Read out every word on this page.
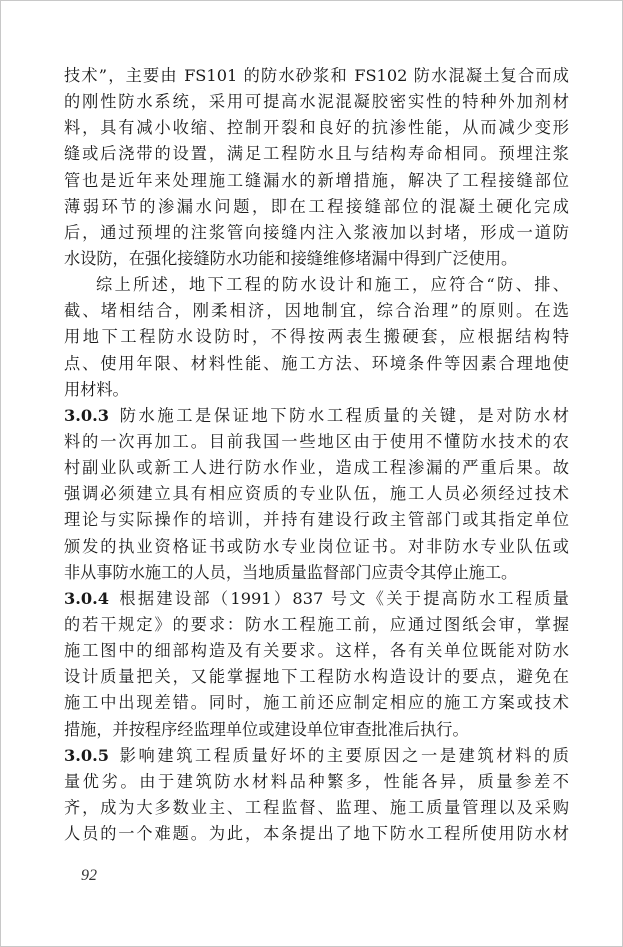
技术”，主要由 FS101 的防水砂浆和 FS102 防水混凝土复合而成
的刚性防水系统，采用可提高水泥混凝胶密实性的特种外加剂材
料，具有减小收缩、控制开裂和良好的抗渗性能，从而减少变形
缝或后浇带的设置，满足工程防水且与结构寿命相同。预埋注浆
管也是近年来处理施工缝漏水的新增措施，解决了工程接缝部位
薄弱环节的渗漏水问题，即在工程接缝部位的混凝土硬化完成
后，通过预埋的注浆管向接缝内注入浆液加以封堵，形成一道防
水设防，在强化接缝防水功能和接缝维修堵漏中得到广泛使用。
综上所述，地下工程的防水设计和施工，应符合“防、排、
截、堵相结合，刚柔相济，因地制宜，综合治理”的原则。在选
用地下工程防水设防时，不得按两表生搬硬套，应根据结构特
点、使用年限、材料性能、施工方法、环境条件等因素合理地使
用材料。
3.0.3 防水施工是保证地下防水工程质量的关键，是对防水材
料的一次再加工。目前我国一些地区由于使用不懂防水技术的农
村副业队或新工人进行防水作业，造成工程渗漏的严重后果。故
强调必须建立具有相应资质的专业队伍，施工人员必须经过技术
理论与实际操作的培训，并持有建设行政主管部门或其指定单位
颁发的执业资格证书或防水专业岗位证书。对非防水专业队伍或
非从事防水施工的人员，当地质量监督部门应责令其停止施工。
3.0.4 根据建设部（1991）837 号文《关于提高防水工程质量
的若干规定》的要求：防水工程施工前，应通过图纸会审，掌握
施工图中的细部构造及有关要求。这样，各有关单位既能对防水
设计质量把关，又能掌握地下工程防水构造设计的要点，避免在
施工中出现差错。同时，施工前还应制定相应的施工方案或技术
措施，并按程序经监理单位或建设单位审查批准后执行。
3.0.5 影响建筑工程质量好坏的主要原因之一是建筑材料的质
量优劣。由于建筑防水材料品种繁多，性能各异，质量参差不
齐，成为大多数业主、工程监督、监理、施工质量管理以及采购
人员的一个难题。为此，本条提出了地下防水工程所使用防水材
92
